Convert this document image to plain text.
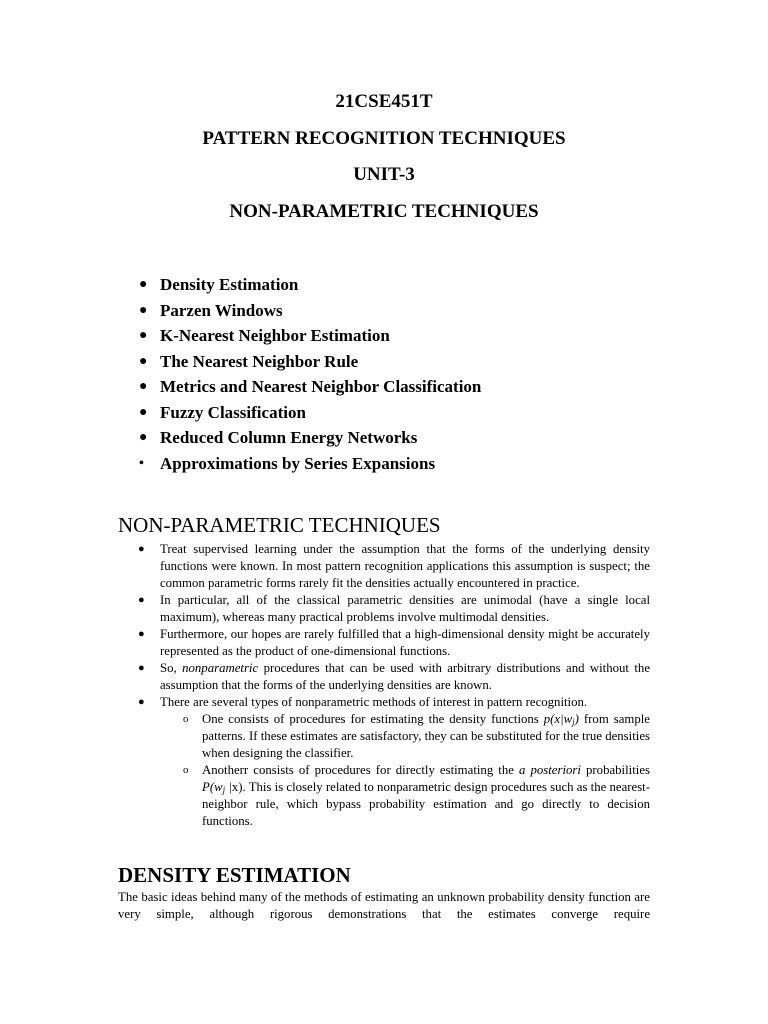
21CSE451T
PATTERN RECOGNITION TECHNIQUES
UNIT-3
NON-PARAMETRIC TECHNIQUES
● Density Estimation
● Parzen Windows
● K-Nearest Neighbor Estimation
● The Nearest Neighbor Rule
● Metrics and Nearest Neighbor Classification
● Fuzzy Classification
● Reduced Column Energy Networks
• Approximations by Series Expansions
NON-PARAMETRIC TECHNIQUES
● Treat supervised learning under the assumption that the forms of the underlying density functions were known. In most pattern recognition applications this assumption is suspect; the common parametric forms rarely fit the densities actually encountered in practice.
● In particular, all of the classical parametric densities are unimodal (have a single local maximum), whereas many practical problems involve multimodal densities.
● Furthermore, our hopes are rarely fulfilled that a high-dimensional density might be accurately represented as the product of one-dimensional functions.
● So, nonparametric procedures that can be used with arbitrary distributions and without the assumption that the forms of the underlying densities are known.
● There are several types of nonparametric methods of interest in pattern recognition.
o One consists of procedures for estimating the density functions $p(x|w_j)$ from sample patterns. If these estimates are satisfactory, they can be substituted for the true densities when designing the classifier.
o Anotherr consists of procedures for directly estimating the a posteriori probabilities $P(w_j$ |x). This is closely related to nonparametric design procedures such as the nearest-neighbor rule, which bypass probability estimation and go directly to decision functions.
DENSITY ESTIMATION

The basic ideas behind many of the methods of estimating an unknown probability density function are very simple, although rigorous demonstrations that the estimates converge require
